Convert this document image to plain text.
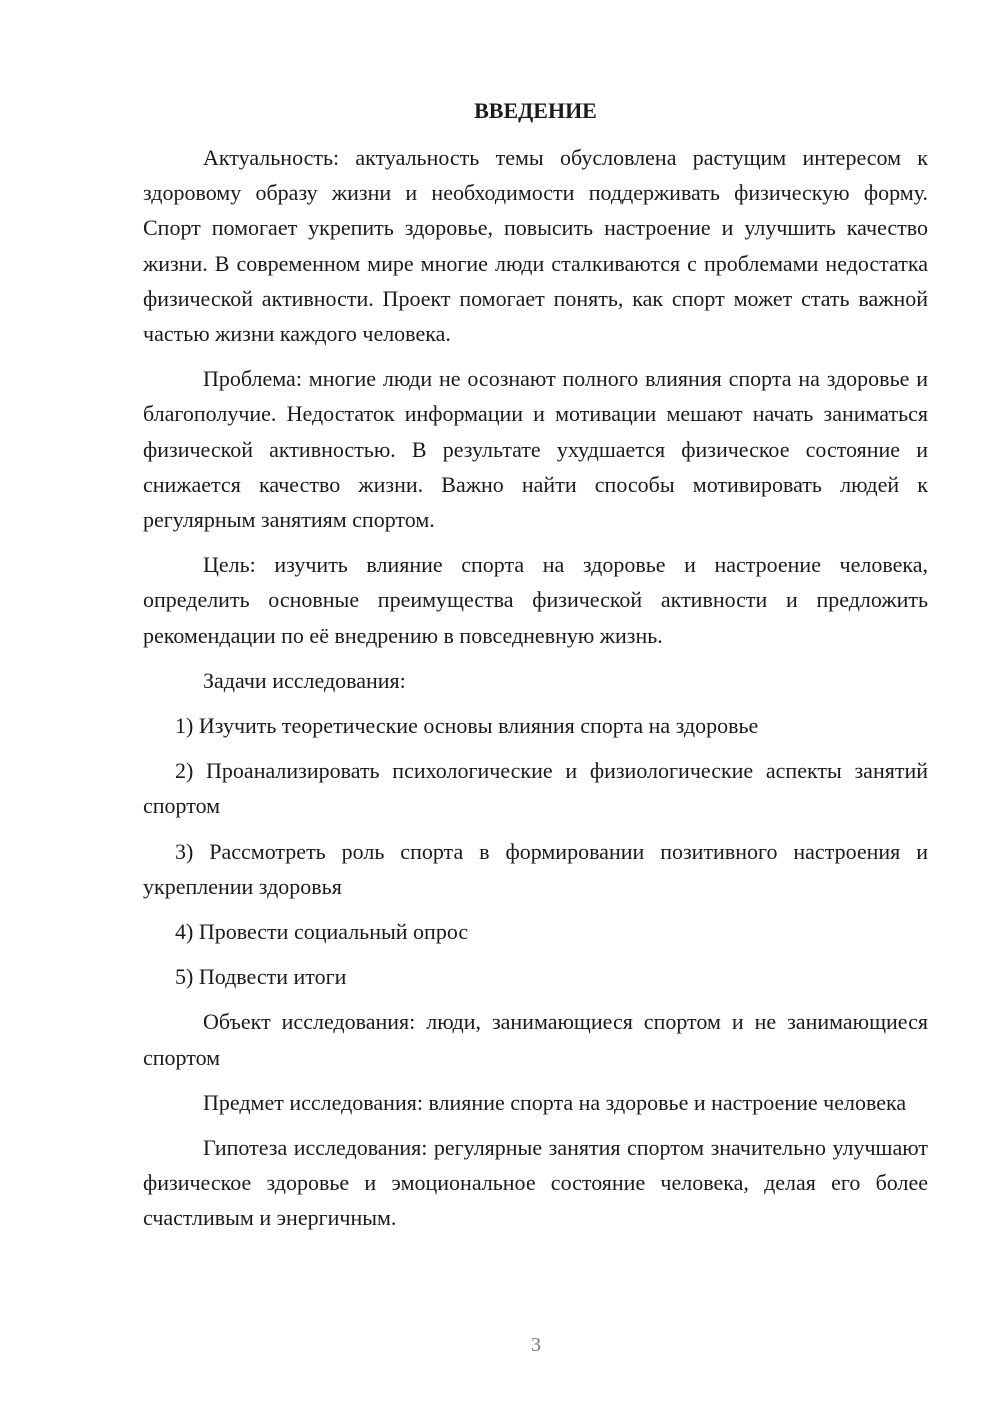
ВВЕДЕНИЕ

Актуальность: актуальность темы обусловлена растущим интересом к здоровому образу жизни и необходимости поддерживать физическую форму. Спорт помогает укрепить здоровье, повысить настроение и улучшить качество жизни. В современном мире многие люди сталкиваются с проблемами недостатка физической активности. Проект помогает понять, как спорт может стать важной частью жизни каждого человека.

Проблема: многие люди не осознают полного влияния спорта на здоровье и благополучие. Недостаток информации и мотивации мешают начать заниматься физической активностью. В результате ухудшается физическое состояние и снижается качество жизни. Важно найти способы мотивировать людей к регулярным занятиям спортом.

Цель: изучить влияние спорта на здоровье и настроение человека, определить основные преимущества физической активности и предложить рекомендации по её внедрению в повседневную жизнь.

Задачи исследования:

1) Изучить теоретические основы влияния спорта на здоровье

2) Проанализировать психологические и физиологические аспекты занятий спортом

3) Рассмотреть роль спорта в формировании позитивного настроения и укреплении здоровья

4) Провести социальный опрос

5) Подвести итоги

Объект исследования: люди, занимающиеся спортом и не занимающиеся спортом

Предмет исследования: влияние спорта на здоровье и настроение человека

Гипотеза исследования: регулярные занятия спортом значительно улучшают физическое здоровье и эмоциональное состояние человека, делая его более счастливым и энергичным.

3
